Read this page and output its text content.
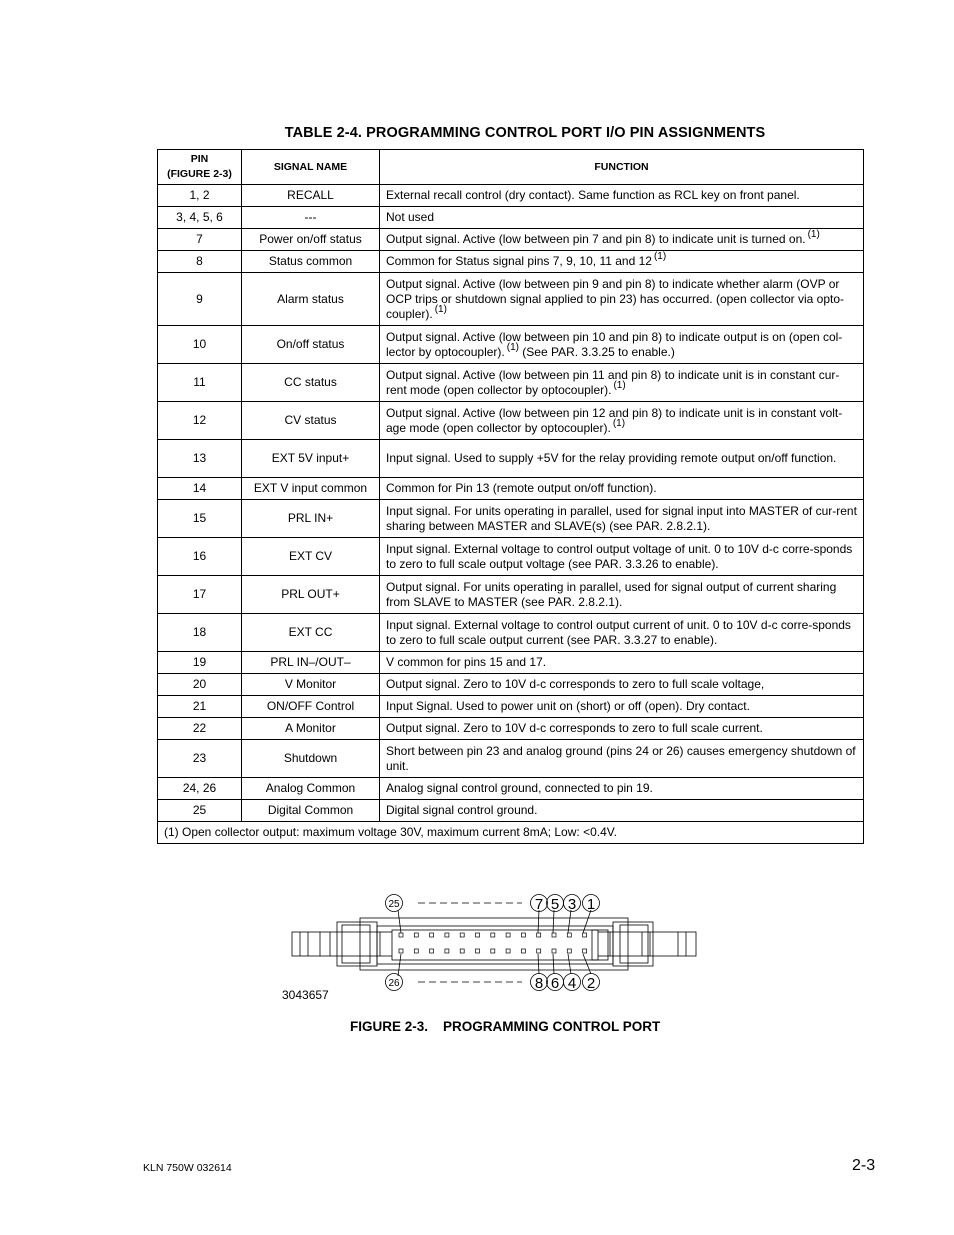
TABLE 2-4. PROGRAMMING CONTROL PORT I/O PIN ASSIGNMENTS
PIN
(FIGURE 2-3)	SIGNAL NAME	FUNCTION
1, 2	RECALL	External recall control (dry contact). Same function as RCL key on front panel.
3, 4, 5, 6	---	Not used
7	Power on/off status	Output signal. Active (low between pin 7 and pin 8) to indicate unit is turned on. $^{(1)}$
8	Status common	Common for Status signal pins 7, 9, 10, 11 and 12 $^{(1)}$
9	Alarm status	Output signal. Active (low between pin 9 and pin 8) to indicate whether alarm (OVP or OCP trips or shutdown signal applied to pin 23) has occurred. (open collector via opto-coupler). $^{(1)}$
10	On/off status	Output signal. Active (low between pin 10 and pin 8) to indicate output is on (open col-lector by optocoupler). $^{(1)}$ (See PAR. 3.3.25 to enable.)
11	CC status	Output signal. Active (low between pin 11 and pin 8) to indicate unit is in constant cur-rent mode (open collector by optocoupler). $^{(1)}$
12	CV status	Output signal. Active (low between pin 12 and pin 8) to indicate unit is in constant volt-age mode (open collector by optocoupler). $^{(1)}$
13	EXT 5V input+	Input signal. Used to supply +5V for the relay providing remote output on/off function.
14	EXT V input common	Common for Pin 13 (remote output on/off function).
15	PRL IN+	Input signal. For units operating in parallel, used for signal input into MASTER of cur-rent sharing between MASTER and SLAVE(s) (see PAR. 2.8.2.1).
16	EXT CV	Input signal. External voltage to control output voltage of unit. 0 to 10V d-c corre-sponds to zero to full scale output voltage (see PAR. 3.3.26 to enable).
17	PRL OUT+	Output signal. For units operating in parallel, used for signal output of current sharing from SLAVE to MASTER (see PAR. 2.8.2.1).
18	EXT CC	Input signal. External voltage to control output current of unit. 0 to 10V d-c corre-sponds to zero to full scale output current (see PAR. 3.3.27 to enable).
19	PRL IN–/OUT–	V common for pins 15 and 17.
20	V Monitor	Output signal. Zero to 10V d-c corresponds to zero to full scale voltage,
21	ON/OFF Control	Input Signal. Used to power unit on (short) or off (open). Dry contact.
22	A Monitor	Output signal. Zero to 10V d-c corresponds to zero to full scale current.
23	Shutdown	Short between pin 23 and analog ground (pins 24 or 26) causes emergency shutdown of unit.
24, 26	Analog Common	Analog signal control ground, connected to pin 19.
25	Digital Common	Digital signal control ground.
(1) Open collector output: maximum voltage 30V, maximum current 8mA; Low: <0.4V.		
25	7 5 3 1
26	8 6 4 2
3043657
FIGURE 2-3.    PROGRAMMING CONTROL PORT
KLN 750W 032614	2-3
